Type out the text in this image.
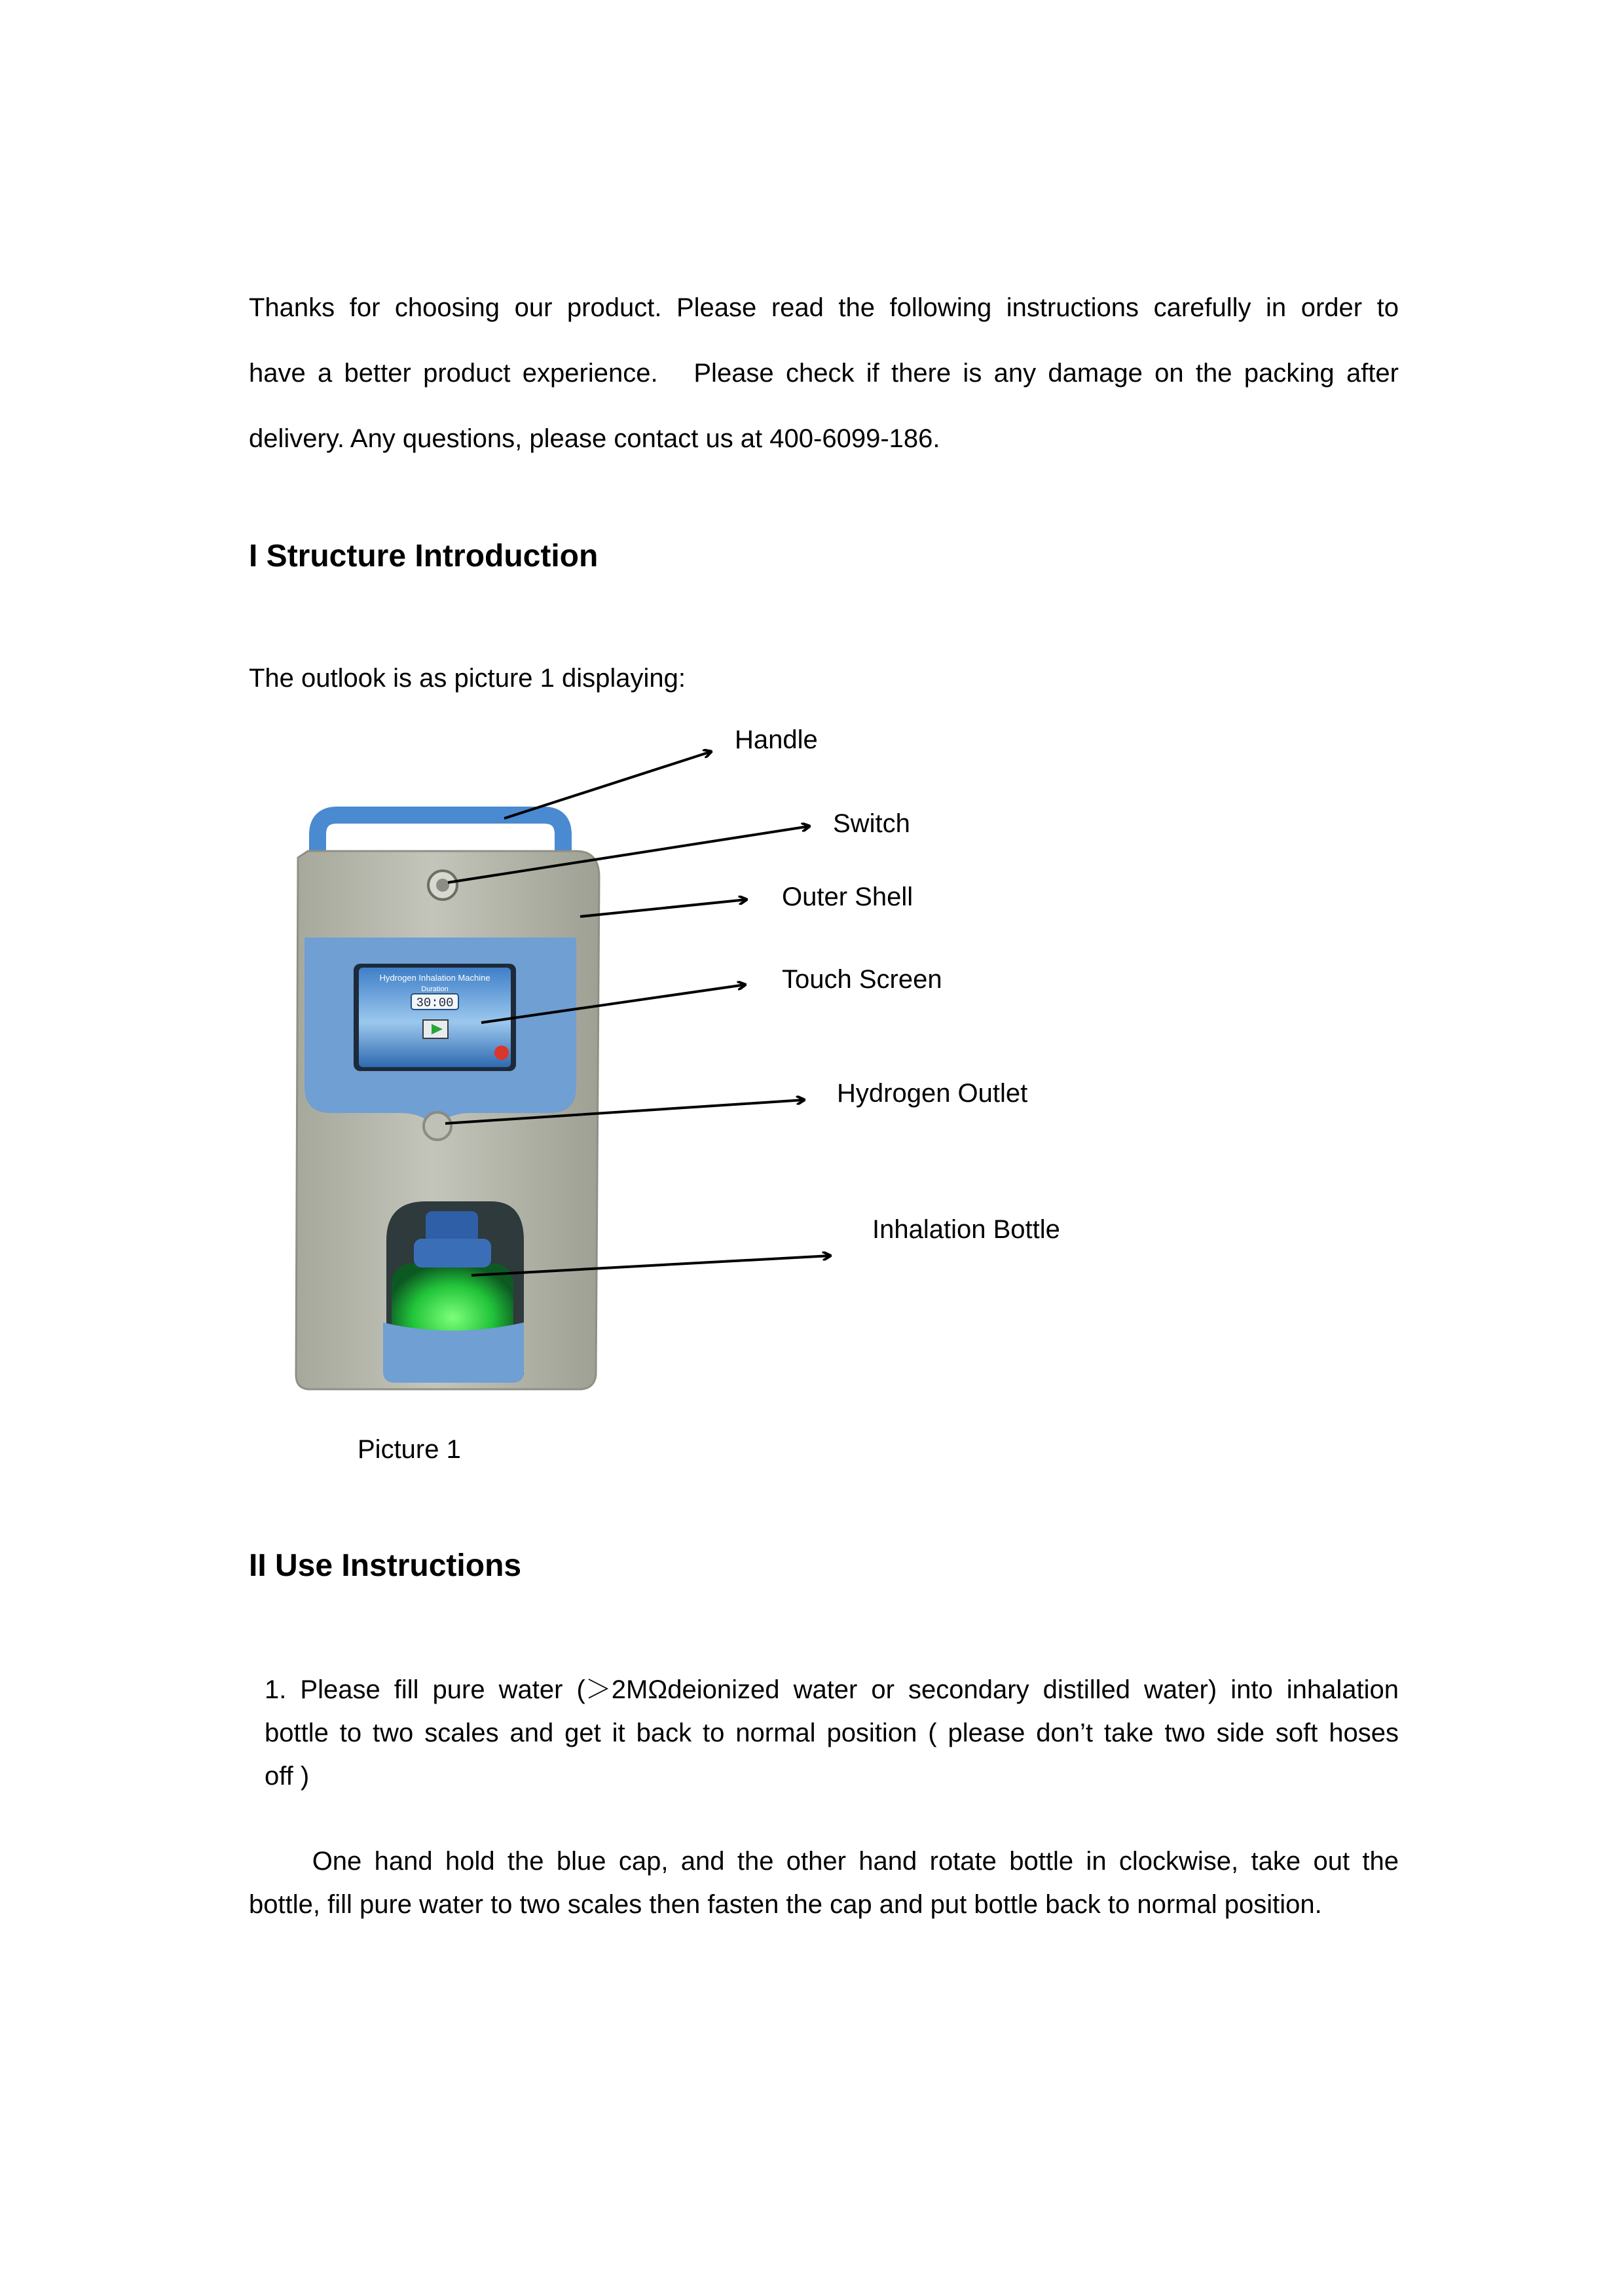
Thanks for choosing our product. Please read the following instructions carefully in order to
have a better product experience.   Please check if there is any damage on the packing after
delivery. Any questions, please contact us at 400-6099-186.
I Structure Introduction
The outlook is as picture 1 displaying:
Hydrogen Inhalation Machine
Duration
30:00
Handle
Switch
Outer Shell
Touch Screen
Hydrogen Outlet
Inhalation Bottle
Picture 1
II Use Instructions
1. Please fill pure water (＞2MΩdeionized water or secondary distilled water) into inhalation
bottle to two scales and get it back to normal position ( please don’t take two side soft hoses
off )
One hand hold the blue cap, and the other hand rotate bottle in clockwise, take out the
bottle, fill pure water to two scales then fasten the cap and put bottle back to normal position.
